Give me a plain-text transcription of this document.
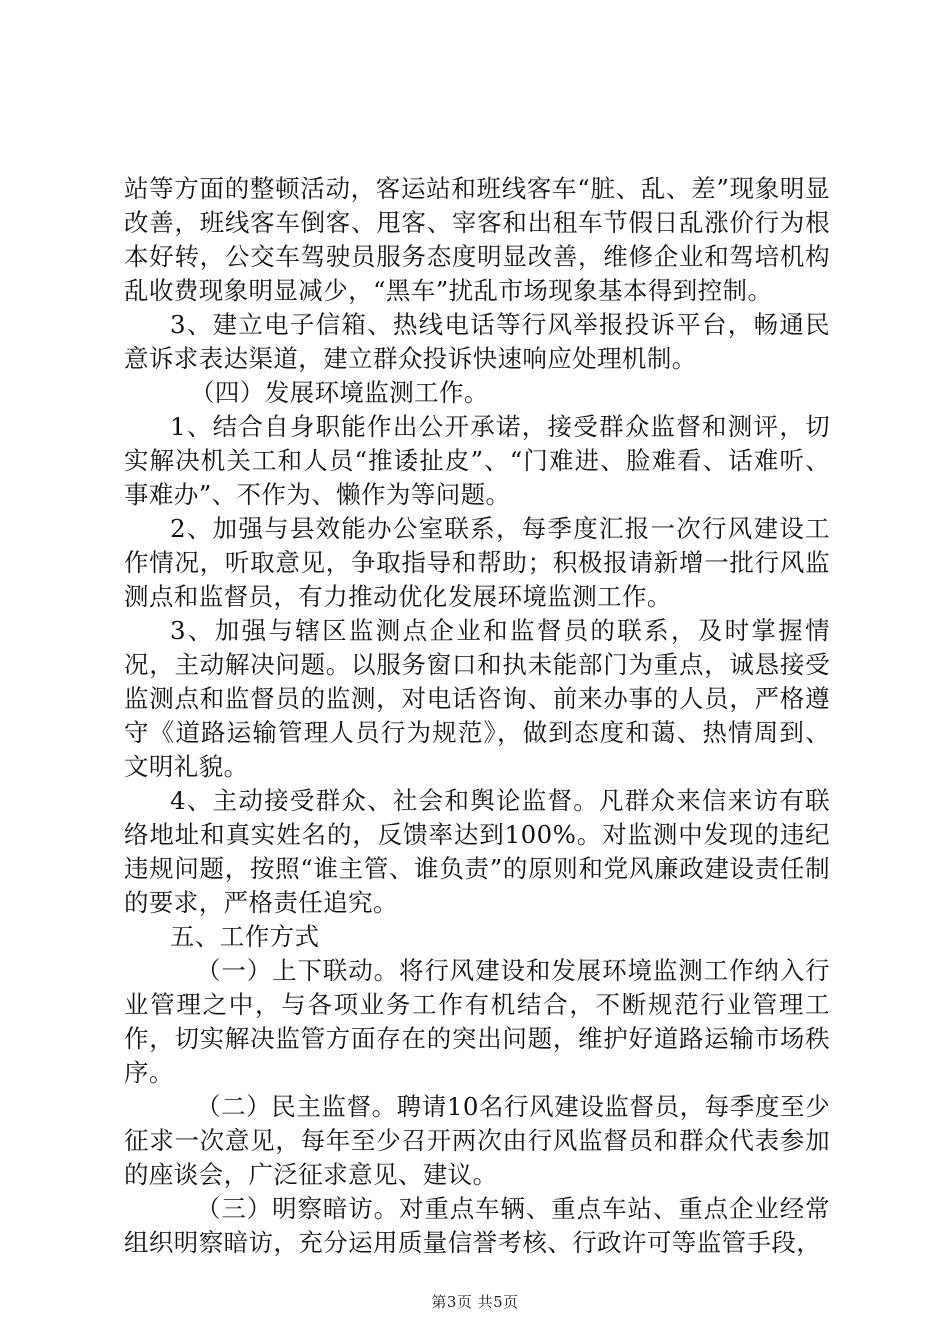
站等方面的整顿活动，客运站和班线客车“脏、乱、差”现象明显改善，班线客车倒客、甩客、宰客和出租车节假日乱涨价行为根本好转，公交车驾驶员服务态度明显改善，维修企业和驾培机构乱收费现象明显减少，“黑车”扰乱市场现象基本得到控制。

3、建立电子信箱、热线电话等行风举报投诉平台，畅通民意诉求表达渠道，建立群众投诉快速响应处理机制。

（四）发展环境监测工作。

1、结合自身职能作出公开承诺，接受群众监督和测评，切实解决机关工和人员“推诿扯皮”、“门难进、脸难看、话难听、事难办”、不作为、懒作为等问题。

2、加强与县效能办公室联系，每季度汇报一次行风建设工作情况，听取意见，争取指导和帮助；积极报请新增一批行风监测点和监督员，有力推动优化发展环境监测工作。

3、加强与辖区监测点企业和监督员的联系，及时掌握情况，主动解决问题。以服务窗口和执未能部门为重点，诚恳接受监测点和监督员的监测，对电话咨询、前来办事的人员，严格遵守《道路运输管理人员行为规范》，做到态度和蔼、热情周到、文明礼貌。

4、主动接受群众、社会和舆论监督。凡群众来信来访有联络地址和真实姓名的，反馈率达到100%。对监测中发现的违纪违规问题，按照“谁主管、谁负责”的原则和党风廉政建设责任制的要求，严格责任追究。

五、工作方式

（一）上下联动。将行风建设和发展环境监测工作纳入行业管理之中，与各项业务工作有机结合，不断规范行业管理工作，切实解决监管方面存在的突出问题，维护好道路运输市场秩序。

（二）民主监督。聘请10名行风建设监督员，每季度至少征求一次意见，每年至少召开两次由行风监督员和群众代表参加的座谈会，广泛征求意见、建议。

（三）明察暗访。对重点车辆、重点车站、重点企业经常组织明察暗访，充分运用质量信誉考核、行政许可等监管手段，

第3页 共5页
